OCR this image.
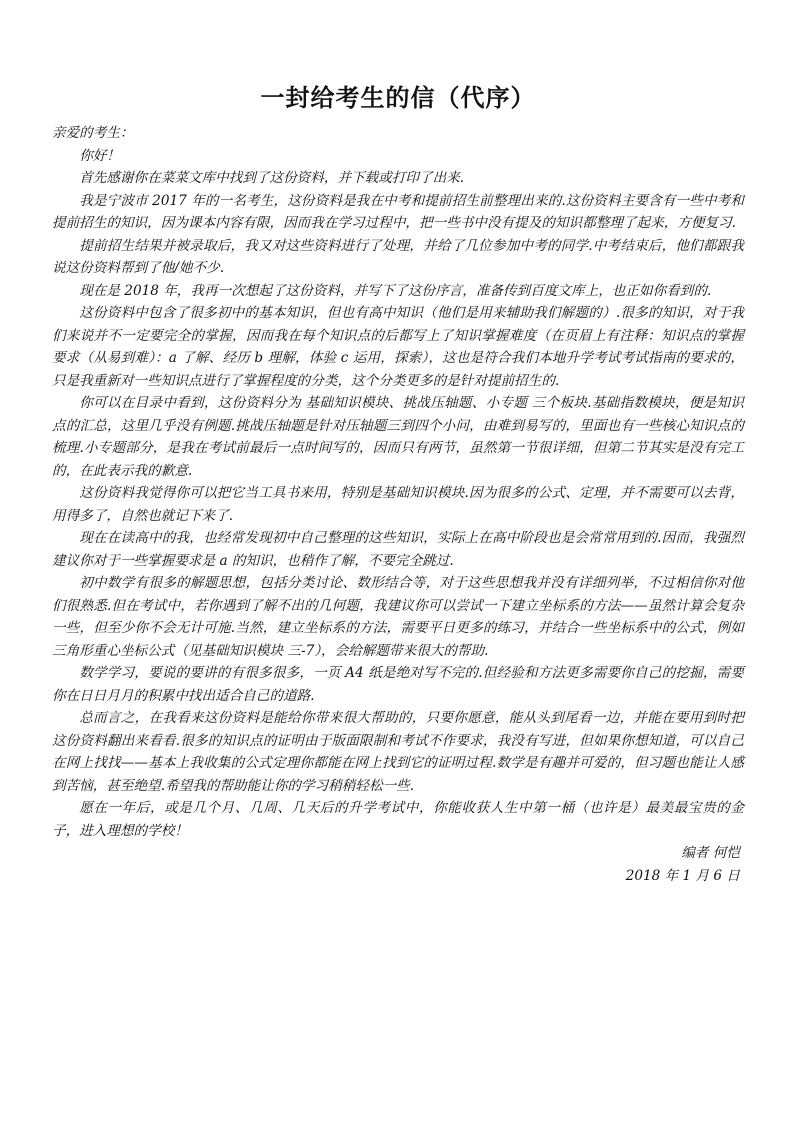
一封给考生的信（代序）

亲爱的考生：

你好！

首先感谢你在菜菜文库中找到了这份资料，并下载或打印了出来.

我是宁波市 2017 年的一名考生，这份资料是我在中考和提前招生前整理出来的.这份资料主要含有一些中考和提前招生的知识，因为课本内容有限，因而我在学习过程中，把一些书中没有提及的知识都整理了起来，方便复习.

提前招生结果并被录取后，我又对这些资料进行了处理，并给了几位参加中考的同学.中考结束后，他们都跟我说这份资料帮到了他/她不少.

现在是 2018 年，我再一次想起了这份资料，并写下了这份序言，准备传到百度文库上，也正如你看到的.

这份资料中包含了很多初中的基本知识，但也有高中知识（他们是用来辅助我们解题的）.很多的知识，对于我们来说并不一定要完全的掌握，因而我在每个知识点的后都写上了知识掌握难度（在页眉上有注释：知识点的掌握要求（从易到难）：a 了解、经历 b 理解，体验 c 运用，探索），这也是符合我们本地升学考试考试指南的要求的，只是我重新对一些知识点进行了掌握程度的分类，这个分类更多的是针对提前招生的.

你可以在目录中看到，这份资料分为 基础知识模块、挑战压轴题、小专题 三个板块.基础指数模块，便是知识点的汇总，这里几乎没有例题.挑战压轴题是针对压轴题三到四个小问，由难到易写的，里面也有一些核心知识点的梳理.小专题部分，是我在考试前最后一点时间写的，因而只有两节，虽然第一节很详细，但第二节其实是没有完工的，在此表示我的歉意.

这份资料我觉得你可以把它当工具书来用，特别是基础知识模块.因为很多的公式、定理，并不需要可以去背，用得多了，自然也就记下来了.

现在在读高中的我，也经常发现初中自己整理的这些知识，实际上在高中阶段也是会常常用到的.因而，我强烈建议你对于一些掌握要求是 a 的知识，也稍作了解，不要完全跳过.

初中数学有很多的解题思想，包括分类讨论、数形结合等，对于这些思想我并没有详细列举，不过相信你对他们很熟悉.但在考试中，若你遇到了解不出的几何题，我建议你可以尝试一下建立坐标系的方法——虽然计算会复杂一些，但至少你不会无计可施.当然，建立坐标系的方法，需要平日更多的练习，并结合一些坐标系中的公式，例如三角形重心坐标公式（见基础知识模块 三-7），会给解题带来很大的帮助.

数学学习，要说的要讲的有很多很多，一页 A4 纸是绝对写不完的.但经验和方法更多需要你自己的挖掘，需要你在日日月月的积累中找出适合自己的道路.

总而言之，在我看来这份资料是能给你带来很大帮助的，只要你愿意，能从头到尾看一边，并能在要用到时把这份资料翻出来看看.很多的知识点的证明由于版面限制和考试不作要求，我没有写进，但如果你想知道，可以自己在网上找找——基本上我收集的公式定理你都能在网上找到它的证明过程.数学是有趣并可爱的，但习题也能让人感到苦恼，甚至绝望.希望我的帮助能让你的学习稍稍轻松一些.

愿在一年后，或是几个月、几周、几天后的升学考试中，你能收获人生中第一桶（也许是）最美最宝贵的金子，进入理想的学校！

编者 何恺

2018 年 1 月 6 日
